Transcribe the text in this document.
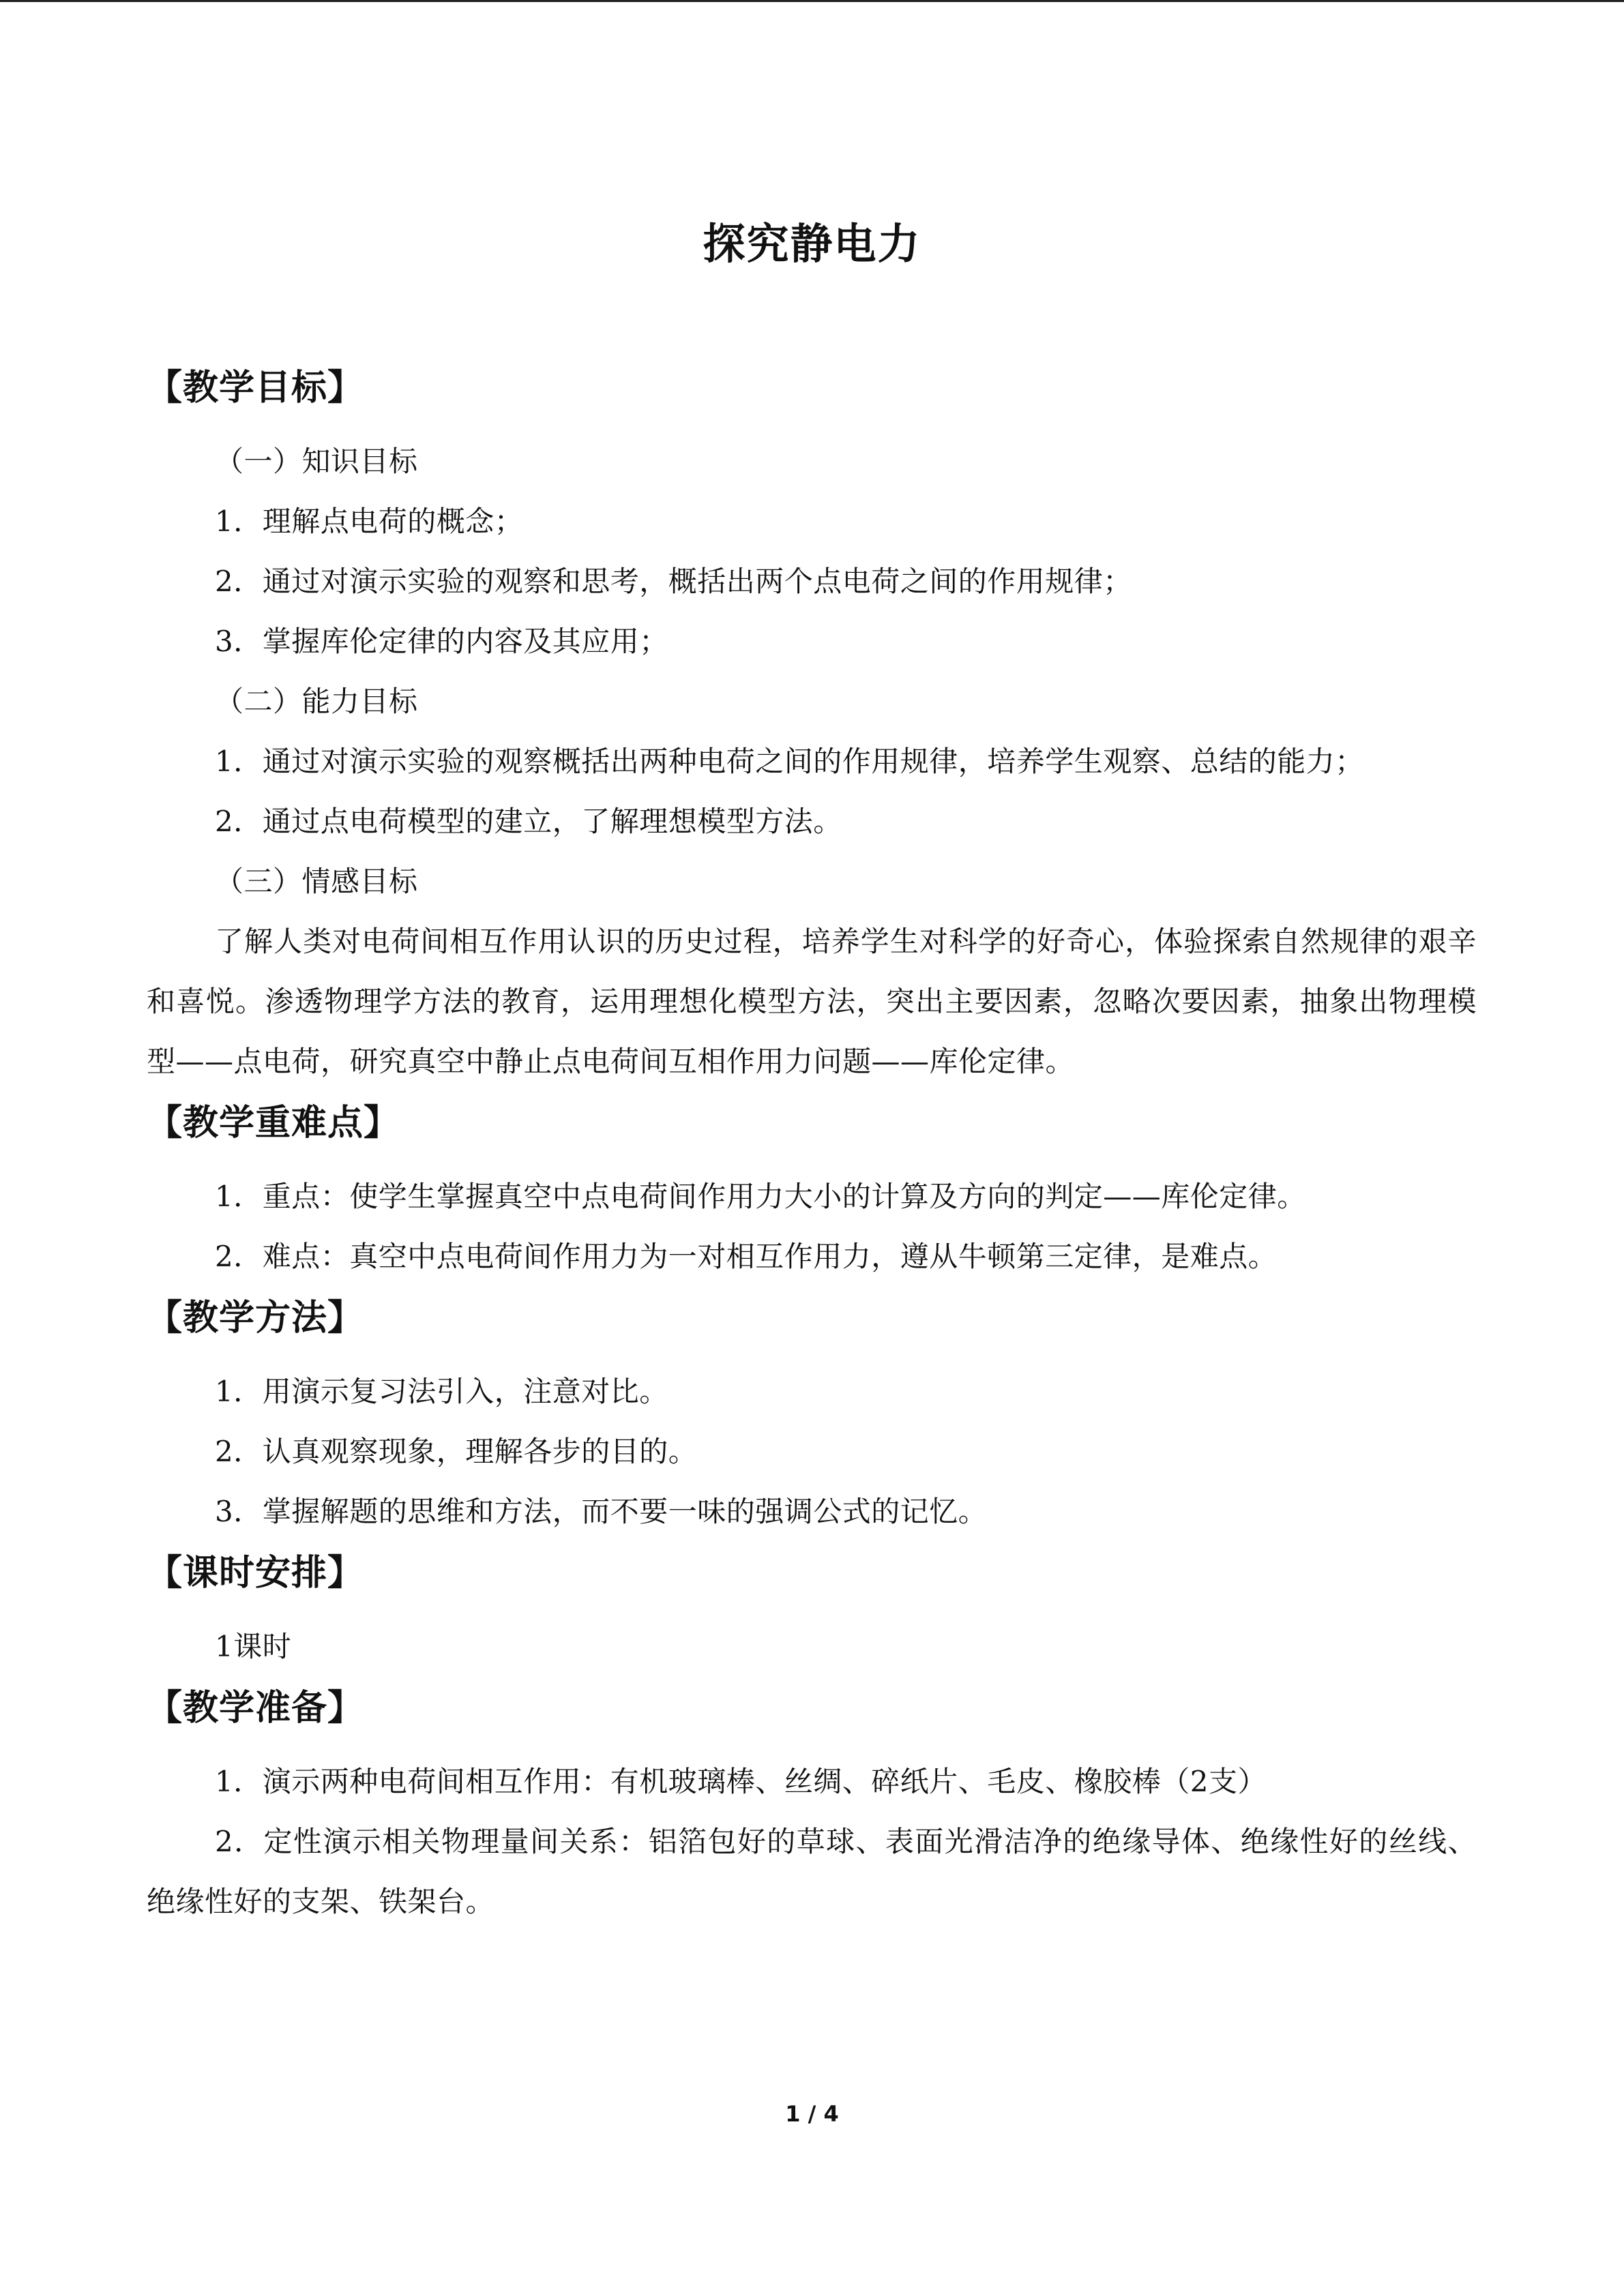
探究静电力

【教学目标】

（一）知识目标

1．理解点电荷的概念；

2．通过对演示实验的观察和思考，概括出两个点电荷之间的作用规律；

3．掌握库伦定律的内容及其应用；

（二）能力目标

1．通过对演示实验的观察概括出两种电荷之间的作用规律，培养学生观察、总结的能力；

2．通过点电荷模型的建立，了解理想模型方法。

（三）情感目标

了解人类对电荷间相互作用认识的历史过程，培养学生对科学的好奇心，体验探索自然规律的艰辛和喜悦。渗透物理学方法的教育，运用理想化模型方法，突出主要因素，忽略次要因素，抽象出物理模型——点电荷，研究真空中静止点电荷间互相作用力问题——库伦定律。

【教学重难点】

1．重点：使学生掌握真空中点电荷间作用力大小的计算及方向的判定——库伦定律。

2．难点：真空中点电荷间作用力为一对相互作用力，遵从牛顿第三定律，是难点。

【教学方法】

1．用演示复习法引入，注意对比。

2．认真观察现象，理解各步的目的。

3．掌握解题的思维和方法，而不要一味的强调公式的记忆。

【课时安排】

1课时

【教学准备】

1．演示两种电荷间相互作用：有机玻璃棒、丝绸、碎纸片、毛皮、橡胶棒（2支）

2．定性演示相关物理量间关系：铝箔包好的草球、表面光滑洁净的绝缘导体、绝缘性好的丝线、绝缘性好的支架、铁架台。

1 / 4
